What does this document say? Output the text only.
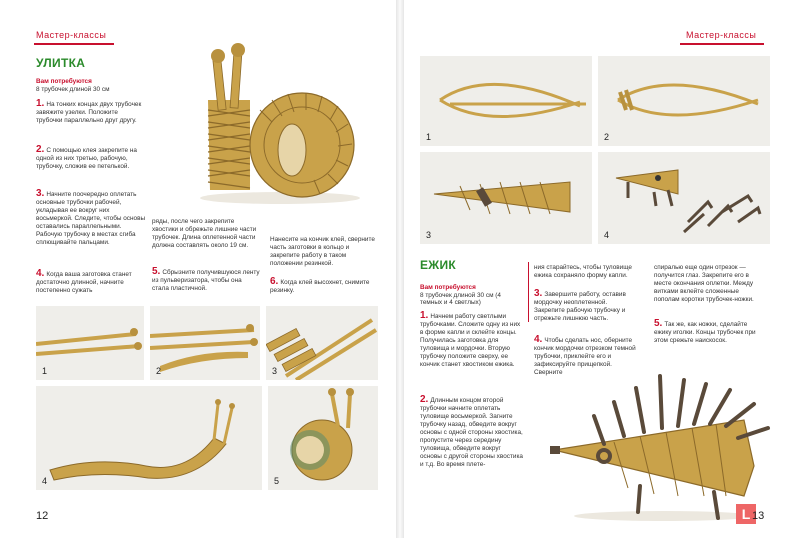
Мастер-классы
УЛИТКА
Вам потребуются
8 трубочек длиной 30 см
1. На тонких концах двух трубочек завяжите узелки. Положите трубочки параллельно друг другу.
2. С помощью клея закрепите на одной из них третью, рабочую, трубочку, сложив ее петелькой.
3. Начните поочередно оплетать основные трубочки рабочей, укладывая ее вокруг них восьмеркой. Следите, чтобы основы оставались параллельными. Рабочую трубочку в местах сгиба сплющивайте пальцами.
4. Когда ваша заготовка станет достаточно длинной, начните постепенно сужать
ряды, после чего закрепите хвостики и обрежьте лишние части трубочек. Длина оплетенной части должна составлять около 19 см.
5. Сбрызните получившуюся ленту из пульверизатора, чтобы она стала пластичной.
Нанесите на кончик клей, сверните часть заготовки в кольцо и закрепите работу в таком положении резинкой.
6. Когда клей высохнет, снимите резинку.
1	2	3
4	5
12
Мастер-классы
1	2
3	4
ЕЖИК
Вам потребуются
8 трубочек длиной 30 см (4 темных и 4 светлых)
1. Начнем работу светлыми трубочками. Сложите одну из них в форме капли и склейте концы. Получилась заготовка для туловища и мордочки. Вторую трубочку положите сверху, ее кончик станет хвостиком ежика.
2. Длинным концом второй трубочки начните оплетать туловище восьмеркой. Загните трубочку назад, обведите вокруг основы с одной стороны хвостика, пропустите через середину туловища, обведите вокруг основы с другой стороны хвостика и т.д. Во время плете-
ния старайтесь, чтобы туловище ежика сохраняло форму капли.
3. Завершите работу, оставив мордочку неоплетенной. Закрепите рабочую трубочку и отрежьте лишнюю часть.
4. Чтобы сделать нос, оберните кончик мордочки отрезком темной трубочки, приклейте его и зафиксируйте прищепкой. Сверните
спиралью еще один отрезок — получится глаз. Закрепите его в месте окончания оплетки. Между витками вклейте сложенные пополам коротки трубочек-ножки.
5. Так же, как ножки, сделайте ежику иголки. Концы трубочек при этом срежьте наискосок.
L 13
